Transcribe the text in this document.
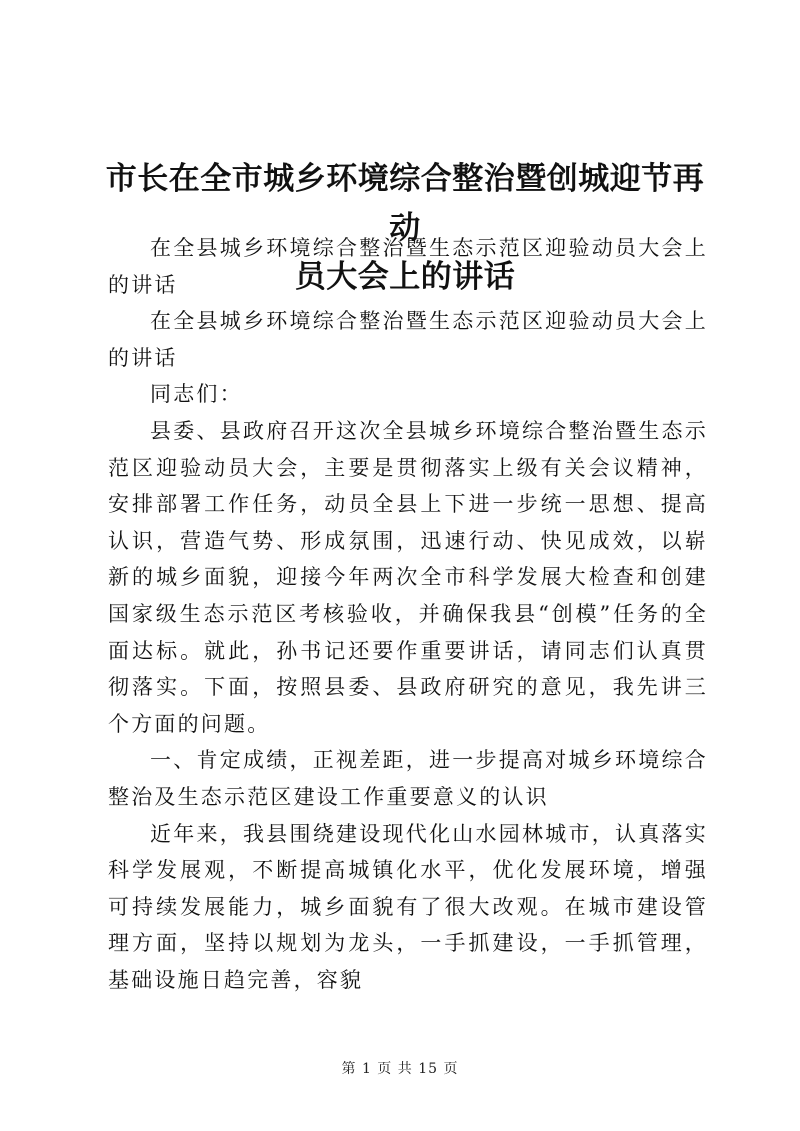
市长在全市城乡环境综合整治暨创城迎节再动
员大会上的讲话

在全县城乡环境综合整治暨生态示范区迎验动员大会上的讲话

在全县城乡环境综合整治暨生态示范区迎验动员大会上的讲话

同志们：

县委、县政府召开这次全县城乡环境综合整治暨生态示范区迎验动员大会，主要是贯彻落实上级有关会议精神，安排部署工作任务，动员全县上下进一步统一思想、提高认识，营造气势、形成氛围，迅速行动、快见成效，以崭新的城乡面貌，迎接今年两次全市科学发展大检查和创建国家级生态示范区考核验收，并确保我县“创模”任务的全面达标。就此，孙书记还要作重要讲话，请同志们认真贯彻落实。下面，按照县委、县政府研究的意见，我先讲三个方面的问题。

一、肯定成绩，正视差距，进一步提高对城乡环境综合整治及生态示范区建设工作重要意义的认识

近年来，我县围绕建设现代化山水园林城市，认真落实科学发展观，不断提高城镇化水平，优化发展环境，增强可持续发展能力，城乡面貌有了很大改观。在城市建设管理方面，坚持以规划为龙头，一手抓建设，一手抓管理，基础设施日趋完善，容貌

第 1 页 共 15 页
